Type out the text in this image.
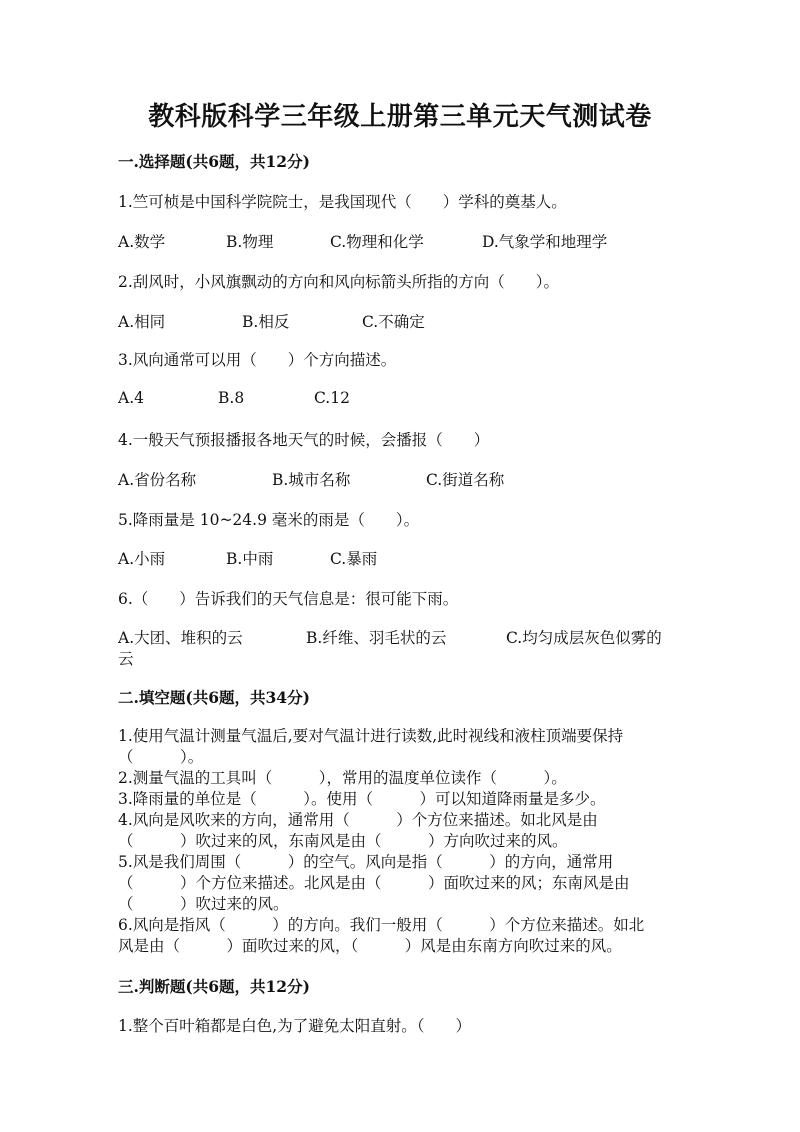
教科版科学三年级上册第三单元天气测试卷
一.选择题(共6题，共12分)
1.竺可桢是中国科学院院士，是我国现代（　　）学科的奠基人。
A.数学	B.物理	C.物理和化学	D.气象学和地理学
2.刮风时，小风旗飘动的方向和风向标箭头所指的方向（　　）。
A.相同	B.相反	C.不确定
3.风向通常可以用（　　）个方向描述。
A.4	B.8	C.12
4.一般天气预报播报各地天气的时候，会播报（　　）
A.省份名称	B.城市名称	C.街道名称
5.降雨量是 10~24.9 毫米的雨是（　　）。
A.小雨	B.中雨	C.暴雨
6.（　　）告诉我们的天气信息是：很可能下雨。
A.大团、堆积的云	B.纤维、羽毛状的云	C.均匀成层灰色似雾的
云
二.填空题(共6题，共34分)
1.使用气温计测量气温后,要对气温计进行读数,此时视线和液柱顶端要保持
（　　　）。
2.测量气温的工具叫（　　　），常用的温度单位读作（　　　）。
3.降雨量的单位是（　　　）。使用（　　　）可以知道降雨量是多少。
4.风向是风吹来的方向，通常用（　　　）个方位来描述。如北风是由
（　　　）吹过来的风，东南风是由（　　　）方向吹过来的风。
5.风是我们周围（　　　）的空气。风向是指（　　　）的方向，通常用
（　　　）个方位来描述。北风是由（　　　）面吹过来的风；东南风是由
（　　　）吹过来的风。
6.风向是指风（　　　）的方向。我们一般用（　　　）个方位来描述。如北
风是由（　　　）面吹过来的风，（　　　）风是由东南方向吹过来的风。
三.判断题(共6题，共12分)
1.整个百叶箱都是白色,为了避免太阳直射。（　　）
